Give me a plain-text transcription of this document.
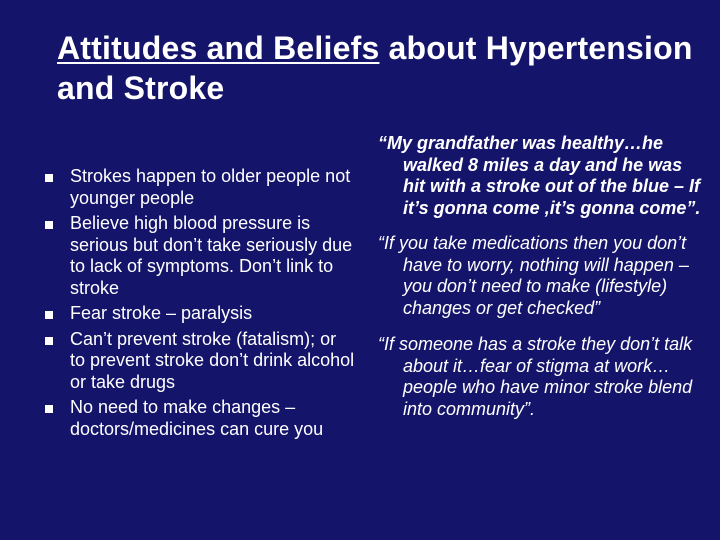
Attitudes and Beliefs about Hypertension and Stroke
Strokes happen to older people not younger people
Believe high blood pressure is serious but don’t take seriously due to lack of symptoms. Don’t link to stroke
Fear stroke – paralysis
Can’t prevent stroke (fatalism); or to prevent stroke don’t drink alcohol or take drugs
No need to make changes – doctors/medicines can cure you
“My grandfather was healthy…he walked 8 miles a day and he was hit with a stroke out of the blue – If it’s gonna come ,it’s gonna come”.
“If you take medications then you don’t have to worry, nothing will happen – you don’t need to make (lifestyle) changes or get checked”
“If someone has a stroke they don’t talk about it…fear of stigma at work…people who have minor stroke blend into community”.
